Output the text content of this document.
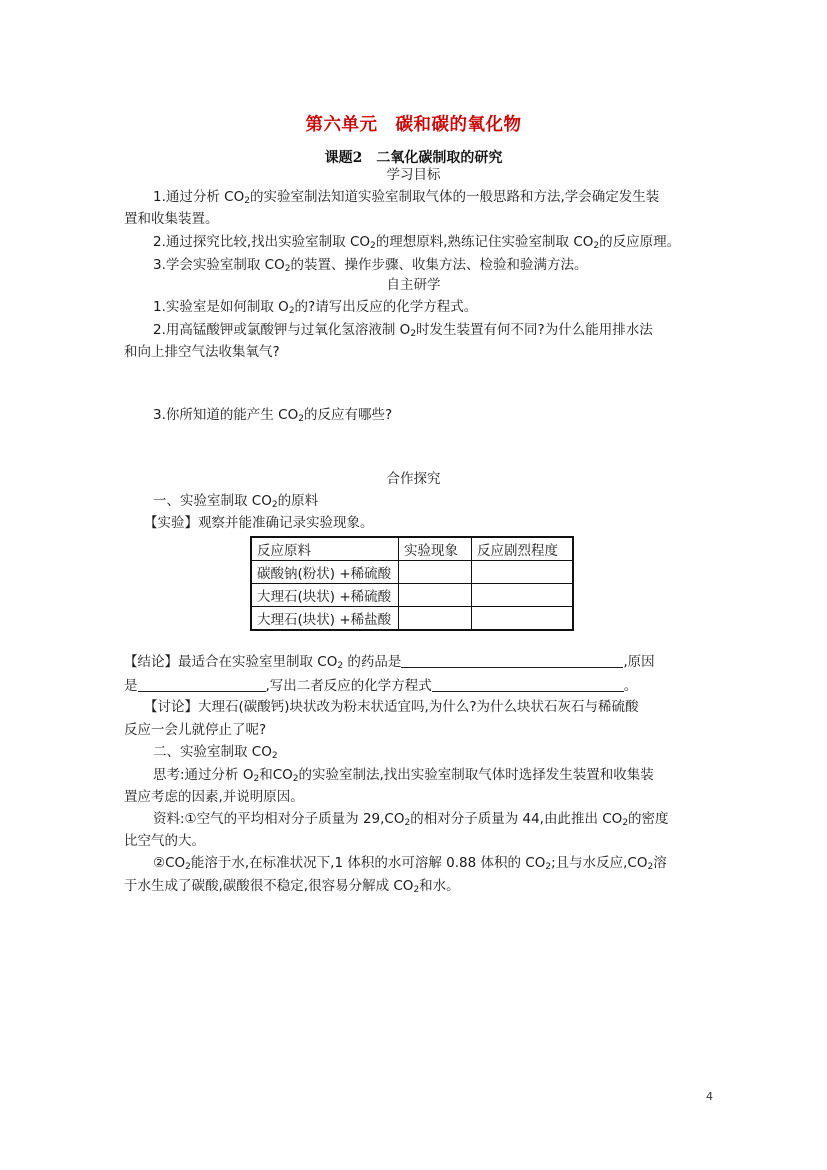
第六单元　碳和碳的氧化物
课题2　二氧化碳制取的研究
学习目标
1.通过分析 $CO_2$的实验室制法知道实验室制取气体的一般思路和方法,学会确定发生装
置和收集装置。
2.通过探究比较,找出实验室制取 $CO_2$的理想原料,熟练记住实验室制取 $CO_2$的反应原理。
3.学会实验室制取 $CO_2$的装置、操作步骤、收集方法、检验和验满方法。
自主研学
1.实验室是如何制取 $O_2$的?请写出反应的化学方程式。
2.用高锰酸钾或氯酸钾与过氧化氢溶液制 $O_2$时发生装置有何不同?为什么能用排水法
和向上排空气法收集氧气?
3.你所知道的能产生 $CO_2$的反应有哪些?
合作探究
一、实验室制取 $CO_2$的原料
【实验】观察并能准确记录实验现象。
反应原料	实验现象	反应剧烈程度
碳酸钠(粉状) +稀硫酸		
大理石(块状) +稀硫酸		
大理石(块状) +稀盐酸		
【结论】最适合在实验室里制取 $CO_2$ 的药品是	,原因
是	,写出二者反应的化学方程式	。
【讨论】大理石(碳酸钙)块状改为粉末状适宜吗,为什么?为什么块状石灰石与稀硫酸
反应一会儿就停止了呢?
二、实验室制取 $CO_2$
思考:通过分析 $O_2$和$CO_2$的实验室制法,找出实验室制取气体时选择发生装置和收集装
置应考虑的因素,并说明原因。
资料:①空气的平均相对分子质量为 $29,CO_2$的相对分子质量为 44,由此推出 $CO_2$的密度
比空气的大。
$②CO_2$能溶于水,在标准状况下,1 体积的水可溶解 0.88 体积的 $CO_2$;且与水反应$,CO_2$溶
于水生成了碳酸,碳酸很不稳定,很容易分解成 $CO_2$和水。
4
